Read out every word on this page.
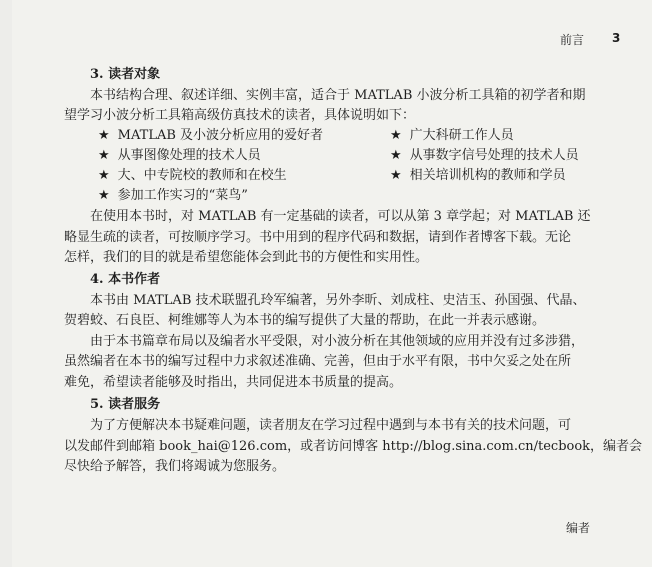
前言 3
3. 读者对象
本书结构合理、叙述详细、实例丰富，适合于 MATLAB 小波分析工具箱的初学者和期
望学习小波分析工具箱高级仿真技术的读者，具体说明如下：
★ MATLAB 及小波分析应用的爱好者	★ 广大科研工作人员
★ 从事图像处理的技术人员	★ 从事数字信号处理的技术人员
★ 大、中专院校的教师和在校生	★ 相关培训机构的教师和学员
★ 参加工作实习的“菜鸟”
在使用本书时，对 MATLAB 有一定基础的读者，可以从第 3 章学起；对 MATLAB 还
略显生疏的读者，可按顺序学习。书中用到的程序代码和数据，请到作者博客下载。无论
怎样，我们的目的就是希望您能体会到此书的方便性和实用性。
4. 本书作者
本书由 MATLAB 技术联盟孔玲军编著，另外李昕、刘成柱、史洁玉、孙国强、代晶、
贺碧蛟、石良臣、柯维娜等人为本书的编写提供了大量的帮助，在此一并表示感谢。
由于本书篇章布局以及编者水平受限，对小波分析在其他领域的应用并没有过多涉猎，
虽然编者在本书的编写过程中力求叙述准确、完善，但由于水平有限，书中欠妥之处在所
难免，希望读者能够及时指出，共同促进本书质量的提高。
5. 读者服务
为了方便解决本书疑难问题，读者朋友在学习过程中遇到与本书有关的技术问题，可
以发邮件到邮箱 book_hai@126.com，或者访问博客 http://blog.sina.com.cn/tecbook，编者会
尽快给予解答，我们将竭诚为您服务。
编者
